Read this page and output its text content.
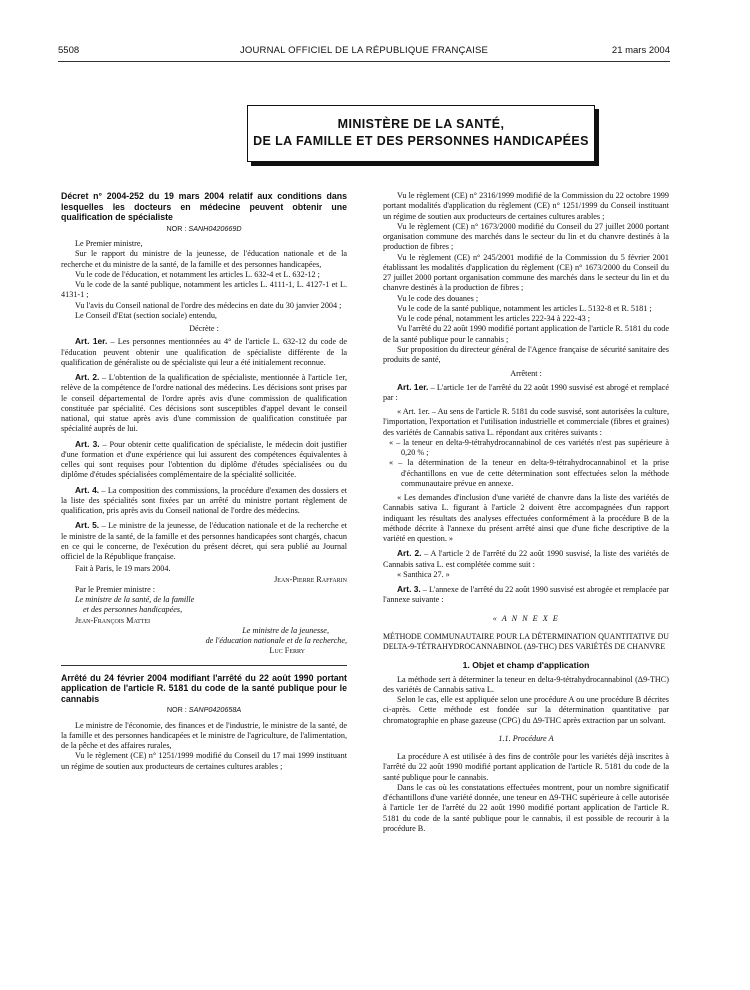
5508	JOURNAL OFFICIEL DE LA RÉPUBLIQUE FRANÇAISE	21 mars 2004
MINISTÈRE DE LA SANTÉ,
DE LA FAMILLE ET DES PERSONNES HANDICAPÉES

Décret n° 2004-252 du 19 mars 2004 relatif aux conditions dans lesquelles les docteurs en médecine peuvent obtenir une qualification de spécialiste

NOR : SANH0420669D

Le Premier ministre,

Sur le rapport du ministre de la jeunesse, de l'éducation nationale et de la recherche et du ministre de la santé, de la famille et des personnes handicapées,

Vu le code de l'éducation, et notamment les articles L. 632-4 et L. 632-12 ;

Vu le code de la santé publique, notamment les articles L. 4111-1, L. 4127-1 et L. 4131-1 ;

Vu l'avis du Conseil national de l'ordre des médecins en date du 30 janvier 2004 ;

Le Conseil d'Etat (section sociale) entendu,

Décrète :

Art. 1er. – Les personnes mentionnées au 4° de l'article L. 632-12 du code de l'éducation peuvent obtenir une qualification de spécialiste différente de la qualification de généraliste ou de spécialiste qui leur a été initialement reconnue.

Art. 2. – L'obtention de la qualification de spécialiste, mentionnée à l'article 1er, relève de la compétence de l'ordre national des médecins. Les décisions sont prises par le conseil départemental de l'ordre après avis d'une commission de qualification constituée par spécialité. Ces décisions sont susceptibles d'appel devant le conseil national, qui statue après avis d'une commission de qualification constituée par spécialité auprès de lui.

Art. 3. – Pour obtenir cette qualification de spécialiste, le médecin doit justifier d'une formation et d'une expérience qui lui assurent des compétences équivalentes à celles qui sont requises pour l'obtention du diplôme d'études spécialisées ou du diplôme d'études spécialisées complémentaire de la spécialité sollicitée.

Art. 4. – La composition des commissions, la procédure d'examen des dossiers et la liste des spécialités sont fixées par un arrêté du ministre portant règlement de qualification, pris après avis du Conseil national de l'ordre des médecins.

Art. 5. – Le ministre de la jeunesse, de l'éducation nationale et de la recherche et le ministre de la santé, de la famille et des personnes handicapées sont chargés, chacun en ce qui le concerne, de l'exécution du présent décret, qui sera publié au Journal officiel de la République française.

Fait à Paris, le 19 mars 2004.

Jean-Pierre Raffarin

Par le Premier ministre :

Le ministre de la santé, de la famille

et des personnes handicapées,

Jean-François Mattei

Le ministre de la jeunesse,

de l'éducation nationale et de la recherche,

Luc Ferry

Arrêté du 24 février 2004 modifiant l'arrêté du 22 août 1990 portant application de l'article R. 5181 du code de la santé publique pour le cannabis

NOR : SANP0420658A

Le ministre de l'économie, des finances et de l'industrie, le ministre de la santé, de la famille et des personnes handicapées et le ministre de l'agriculture, de l'alimentation, de la pêche et des affaires rurales,

Vu le règlement (CE) n° 1251/1999 modifié du Conseil du 17 mai 1999 instituant un régime de soutien aux producteurs de certaines cultures arables ;

Vu le règlement (CE) n° 2316/1999 modifié de la Commission du 22 octobre 1999 portant modalités d'application du règlement (CE) n° 1251/1999 du Conseil instituant un régime de soutien aux producteurs de certaines cultures arables ;

Vu le règlement (CE) n° 1673/2000 modifié du Conseil du 27 juillet 2000 portant organisation commune des marchés dans le secteur du lin et du chanvre destinés à la production de fibres ;

Vu le règlement (CE) n° 245/2001 modifié de la Commission du 5 février 2001 établissant les modalités d'application du règlement (CE) n° 1673/2000 du Conseil du 27 juillet 2000 portant organisation commune des marchés dans le secteur du lin et du chanvre destinés à la production de fibres ;

Vu le code des douanes ;

Vu le code de la santé publique, notamment les articles L. 5132-8 et R. 5181 ;

Vu le code pénal, notamment les articles 222-34 à 222-43 ;

Vu l'arrêté du 22 août 1990 modifié portant application de l'article R. 5181 du code de la santé publique pour le cannabis ;

Sur proposition du directeur général de l'Agence française de sécurité sanitaire des produits de santé,

Arrêtent :

Art. 1er. – L'article 1er de l'arrêté du 22 août 1990 susvisé est abrogé et remplacé par :

« Art. 1er. – Au sens de l'article R. 5181 du code susvisé, sont autorisées la culture, l'importation, l'exportation et l'utilisation industrielle et commerciale (fibres et graines) des variétés de Cannabis sativa L. répondant aux critères suivants :

« – la teneur en delta-9-tétrahydrocannabinol de ces variétés n'est pas supérieure à 0,20 % ;

« – la détermination de la teneur en delta-9-tétrahydrocannabinol et la prise d'échantillons en vue de cette détermination sont effectuées selon la méthode communautaire prévue en annexe.

« Les demandes d'inclusion d'une variété de chanvre dans la liste des variétés de Cannabis sativa L. figurant à l'article 2 doivent être accompagnées d'un rapport indiquant les résultats des analyses effectuées conformément à la procédure B de la méthode décrite à l'annexe du présent arrêté ainsi que d'une fiche descriptive de la variété en question. »

Art. 2. – A l'article 2 de l'arrêté du 22 août 1990 susvisé, la liste des variétés de Cannabis sativa L. est complétée comme suit :

« Santhica 27. »

Art. 3. – L'annexe de l'arrêté du 22 août 1990 susvisé est abrogée et remplacée par l'annexe suivante :

« A N N E X E

MÉTHODE COMMUNAUTAIRE POUR LA DÉTERMINATION QUANTITATIVE DU DELTA-9-TÉTRAHYDROCANNABINOL (Δ9-THC) DES VARIÉTÉS DE CHANVRE

1. Objet et champ d'application

La méthode sert à déterminer la teneur en delta-9-tétrahydrocannabinol (Δ9-THC) des variétés de Cannabis sativa L.

Selon le cas, elle est appliquée selon une procédure A ou une procédure B décrites ci-après. Cette méthode est fondée sur la détermination quantitative par chromatographie en phase gazeuse (CPG) du Δ9-THC après extraction par un solvant.

1.1. Procédure A

La procédure A est utilisée à des fins de contrôle pour les variétés déjà inscrites à l'arrêté du 22 août 1990 modifié portant application de l'article R. 5181 du code de la santé publique pour le cannabis.

Dans le cas où les constatations effectuées montrent, pour un nombre significatif d'échantillons d'une variété donnée, une teneur en Δ9-THC supérieure à celle autorisée à l'article 1er de l'arrêté du 22 août 1990 modifié portant application de l'article R. 5181 du code de la santé publique pour le cannabis, il est possible de recourir à la procédure B.
